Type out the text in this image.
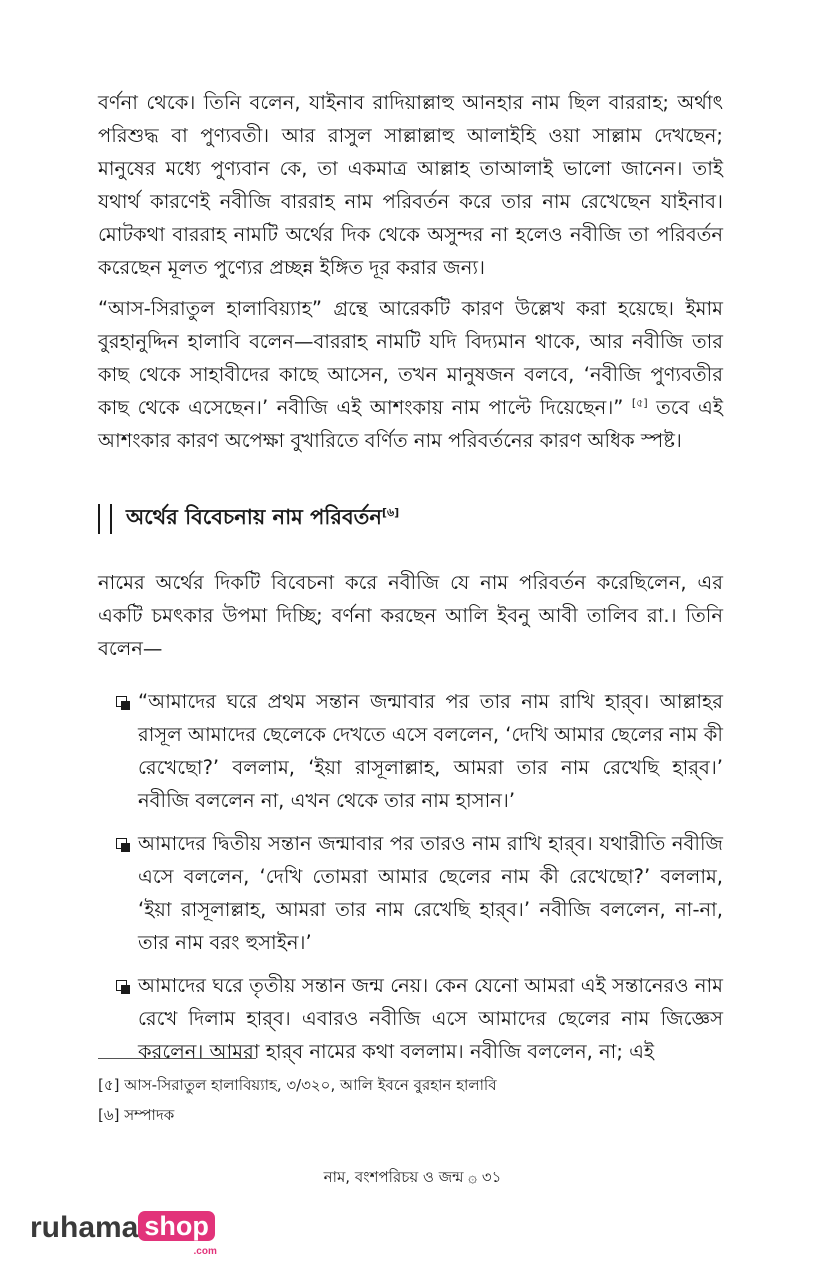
বর্ণনা থেকে। তিনি বলেন, যাইনাব রাদিয়াল্লাহু আনহার নাম ছিল বাররাহ; অর্থাৎ পরিশুদ্ধ বা পুণ্যবতী। আর রাসুল সাল্লাল্লাহু আলাইহি ওয়া সাল্লাম দেখছেন; মানুষের মধ্যে পুণ্যবান কে, তা একমাত্র আল্লাহ তাআলাই ভালো জানেন। তাই যথার্থ কারণেই নবীজি বাররাহ নাম পরিবর্তন করে তার নাম রেখেছেন যাইনাব। মোটকথা বাররাহ নামটি অর্থের দিক থেকে অসুন্দর না হলেও নবীজি তা পরিবর্তন করেছেন মূলত পুণ্যের প্রচ্ছন্ন ইঙ্গিত দূর করার জন্য।

“আস-সিরাতুল হালাবিয়্যাহ” গ্রন্থে আরেকটি কারণ উল্লেখ করা হয়েছে। ইমাম বুরহানুদ্দিন হালাবি বলেন—বাররাহ নামটি যদি বিদ্যমান থাকে, আর নবীজি তার কাছ থেকে সাহাবীদের কাছে আসেন, তখন মানুষজন বলবে, ‘নবীজি পুণ্যবতীর কাছ থেকে এসেছেন।’ নবীজি এই আশংকায় নাম পাল্টে দিয়েছেন।” [৫] তবে এই আশংকার কারণ অপেক্ষা বুখারিতে বর্ণিত নাম পরিবর্তনের কারণ অধিক স্পষ্ট।

অর্থের বিবেচনায় নাম পরিবর্তন[৬]

নামের অর্থের দিকটি বিবেচনা করে নবীজি যে নাম পরিবর্তন করেছিলেন, এর একটি চমৎকার উপমা দিচ্ছি; বর্ণনা করছেন আলি ইবনু আবী তালিব রা.। তিনি বলেন—

“আমাদের ঘরে প্রথম সন্তান জন্মাবার পর তার নাম রাখি হার্‌ব। আল্লাহর রাসূল আমাদের ছেলেকে দেখতে এসে বললেন, ‘দেখি আমার ছেলের নাম কী রেখেছো?’ বললাম, ‘ইয়া রাসূলাল্লাহ, আমরা তার নাম রেখেছি হার্‌ব।’ নবীজি বললেন না, এখন থেকে তার নাম হাসান।’
আমাদের দ্বিতীয় সন্তান জন্মাবার পর তারও নাম রাখি হার্‌ব। যথারীতি নবীজি এসে বললেন, ‘দেখি তোমরা আমার ছেলের নাম কী রেখেছো?’ বললাম, ‘ইয়া রাসূলাল্লাহ, আমরা তার নাম রেখেছি হার্‌ব।’ নবীজি বললেন, না-না, তার নাম বরং হুসাইন।’
আমাদের ঘরে তৃতীয় সন্তান জন্ম নেয়। কেন যেনো আমরা এই সন্তানেরও নাম রেখে দিলাম হার্‌ব। এবারও নবীজি এসে আমাদের ছেলের নাম জিজ্ঞেস করলেন। আমরা হার্‌ব নামের কথা বললাম। নবীজি বললেন, না; এই
[৫] আস-সিরাতুল হালাবিয়্যাহ, ৩/৩২০, আলি ইবনে বুরহান হালাবি
[৬] সম্পাদক
নাম, বংশপরিচয় ও জন্ম ۞ ৩১
ruhama shop
.com
